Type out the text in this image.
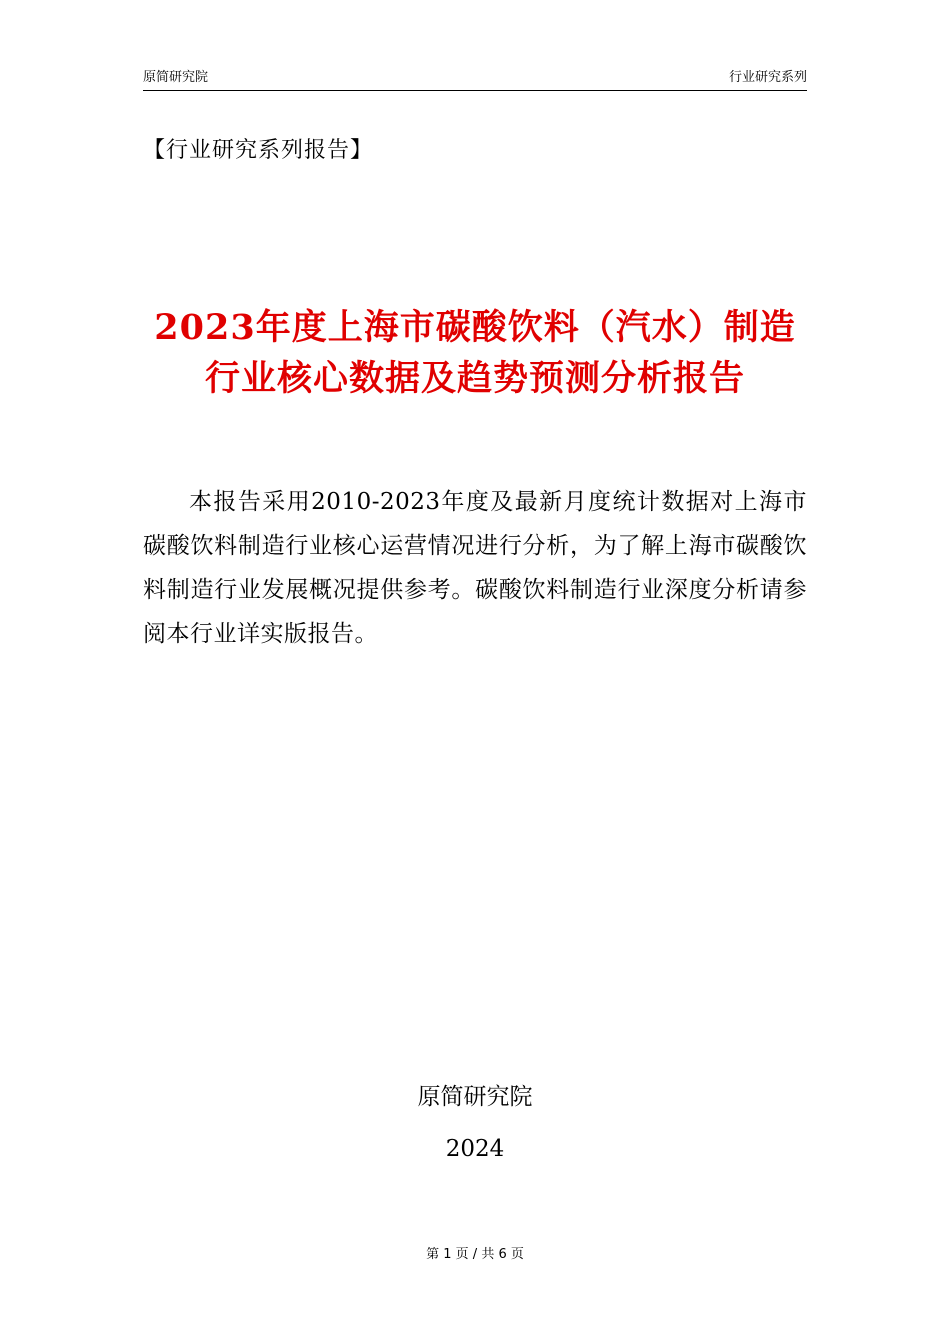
原简研究院	行业研究系列
【行业研究系列报告】
2023年度上海市碳酸饮料（汽水）制造行业核心数据及趋势预测分析报告
本报告采用2010-2023年度及最新月度统计数据对上海市碳酸饮料制造行业核心运营情况进行分析，为了解上海市碳酸饮料制造行业发展概况提供参考。碳酸饮料制造行业深度分析请参阅本行业详实版报告。
原简研究院
2024
第 1 页 / 共 6 页
